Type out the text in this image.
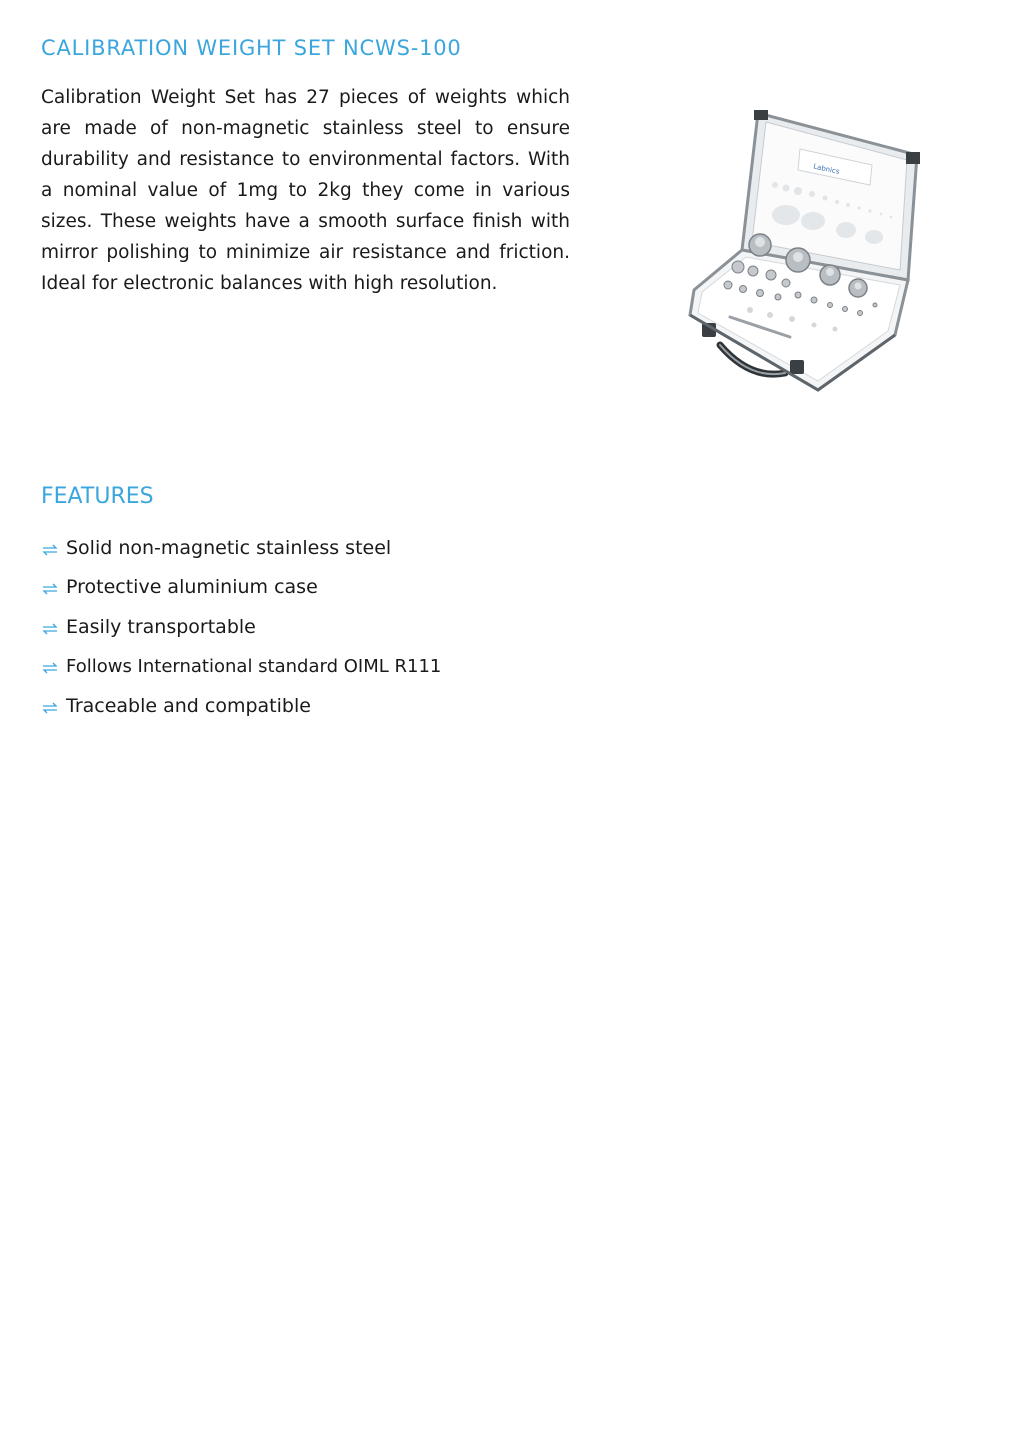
CALIBRATION WEIGHT SET NCWS-100

Calibration Weight Set has 27 pieces of weights which are made of non-magnetic stainless steel to ensure durability and resistance to environmental factors. With a nominal value of 1mg to 2kg they come in various sizes. These weights have a smooth surface finish with mirror polishing to minimize air resistance and friction. Ideal for electronic balances with high resolution.

Labnics
FEATURES
Solid non-magnetic stainless steel
Protective aluminium case
Easily transportable
Follows International standard OIML R111
Traceable and compatible
